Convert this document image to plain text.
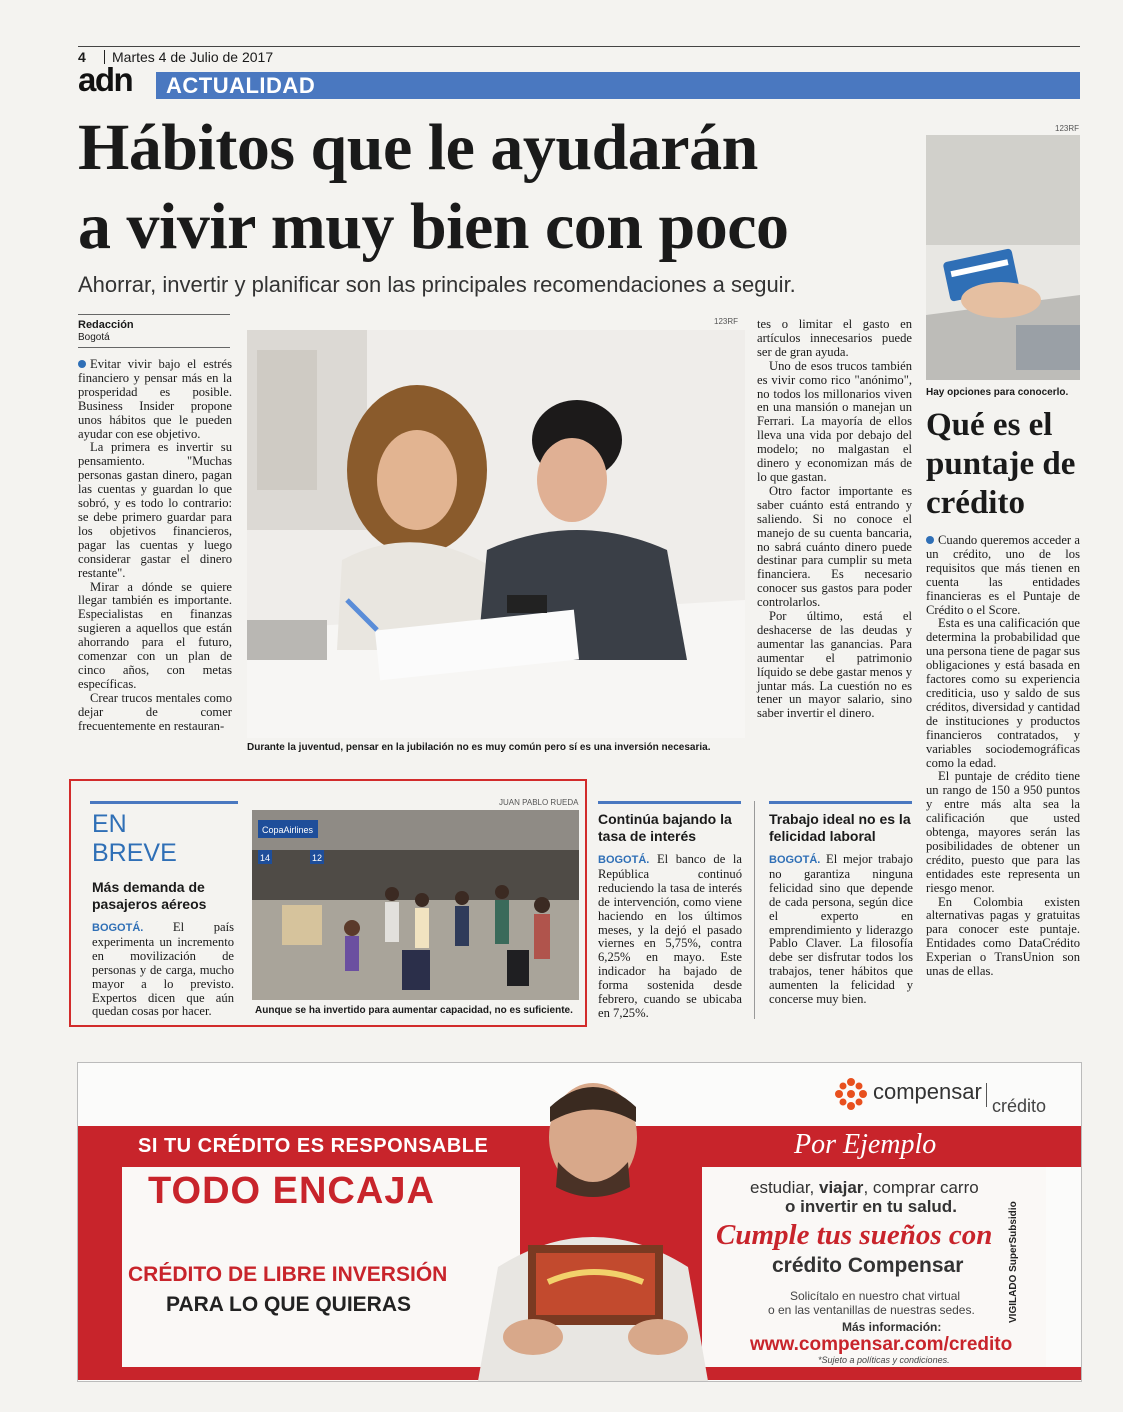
4 Martes 4 de Julio de 2017
adn ACTUALIDAD
Hábitos que le ayudarán
a vivir muy bien con poco
Ahorrar, invertir y planificar son las principales recomendaciones a seguir.
Redacción
Bogotá

Evitar vivir bajo el estrés financiero y pensar más en la prosperidad es posible. Business Insider propone unos hábitos que le pueden ayudar con ese objetivo.

La primera es invertir su pensamiento. "Muchas personas gastan dinero, pagan las cuentas y guardan lo que sobró, y es todo lo contrario: se debe primero guardar para los objetivos financieros, pagar las cuentas y luego considerar gastar el dinero restante".

Mirar a dónde se quiere llegar también es importante. Especialistas en finanzas sugieren a aquellos que están ahorrando para el futuro, comenzar con un plan de cinco años, con metas específicas.

Crear trucos mentales como dejar de comer frecuentemente en restauran-

123RF
Durante la juventud, pensar en la jubilación no es muy común pero sí es una inversión necesaria.

tes o limitar el gasto en artículos innecesarios puede ser de gran ayuda.

Uno de esos trucos también es vivir como rico "anónimo", no todos los millonarios viven en una mansión o manejan un Ferrari. La mayoría de ellos lleva una vida por debajo del modelo; no malgastan el dinero y economizan más de lo que gastan.

Otro factor importante es saber cuánto está entrando y saliendo. Si no conoce el manejo de su cuenta bancaria, no sabrá cuánto dinero puede destinar para cumplir su meta financiera. Es necesario conocer sus gastos para poder controlarlos.

Por último, está el deshacerse de las deudas y aumentar las ganancias. Para aumentar el patrimonio líquido se debe gastar menos y juntar más. La cuestión no es tener un mayor salario, sino saber invertir el dinero.

123RF
Hay opciones para conocerlo.
Qué es el puntaje de crédito

Cuando queremos acceder a un crédito, uno de los requisitos que más tienen en cuenta las entidades financieras es el Puntaje de Crédito o el Score.

Esta es una calificación que determina la probabilidad que una persona tiene de pagar sus obligaciones y está basada en factores como su experiencia crediticia, uso y saldo de sus créditos, diversidad y cantidad de instituciones y productos financieros contratados, y variables sociodemográficas como la edad.

El puntaje de crédito tiene un rango de 150 a 950 puntos y entre más alta sea la calificación que usted obtenga, mayores serán las posibilidades de obtener un crédito, puesto que para las entidades este representa un riesgo menor.

En Colombia existen alternativas pagas y gratuitas para conocer este puntaje. Entidades como DataCrédito Experian o TransUnion son unas de ellas.

EN
BREVE
Más demanda de pasajeros aéreos

BOGOTÁ. El país experimenta un incremento en movilización de personas y de carga, mucho mayor a lo previsto. Expertos dicen que aún quedan cosas por hacer.

JUAN PABLO RUEDA
CopaAirlines
14	12
Aunque se ha invertido para aumentar capacidad, no es suficiente.
Continúa bajando la tasa de interés

BOGOTÁ. El banco de la República continuó reduciendo la tasa de interés de intervención, como viene haciendo en los últimos meses, y la dejó el pasado viernes en 5,75%, contra 6,25% en mayo. Este indicador ha bajado de forma sostenida desde febrero, cuando se ubicaba en 7,25%.

Trabajo ideal no es la felicidad laboral

BOGOTÁ. El mejor trabajo no garantiza ninguna felicidad sino que depende de cada persona, según dice el experto en emprendimiento y liderazgo Pablo Claver. La filosofía debe ser disfrutar todos los trabajos, tener hábitos que aumenten la felicidad y concerse muy bien.

SI TU CRÉDITO ES RESPONSABLE
TODO ENCAJA
CRÉDITO DE LIBRE INVERSIÓN
PARA LO QUE QUIERAS
compensar
crédito
Por Ejemplo
estudiar, viajar, comprar carro
o invertir en tu salud.
Cumple tus sueños con
crédito Compensar
Solicítalo en nuestro chat virtual
o en las ventanillas de nuestras sedes.
Más información:
www.compensar.com/credito
*Sujeto a políticas y condiciones.
VIGILADO SuperSubsidio
